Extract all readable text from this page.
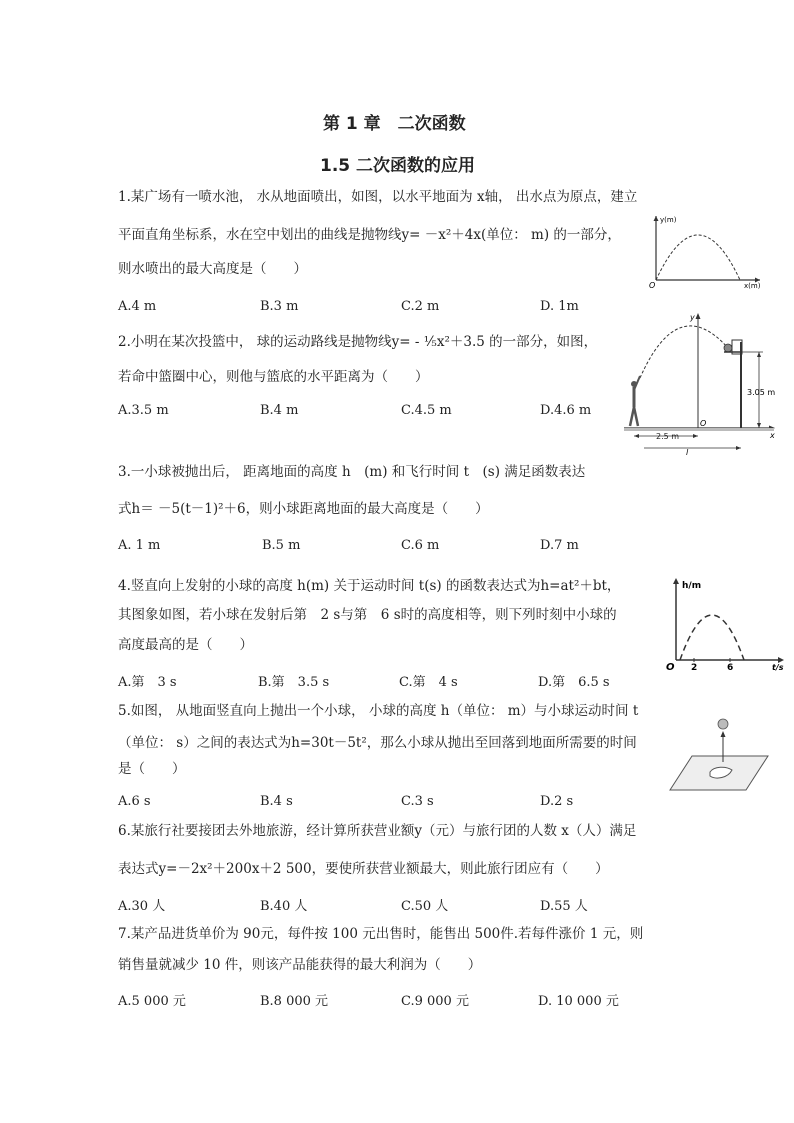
第 1 章　二次函数
1.5 二次函数的应用
1.某广场有一喷水池， 水从地面喷出，如图，以水平地面为 x轴， 出水点为原点，建立
平面直角坐标系，水在空中划出的曲线是抛物线y= －x²＋4x(单位： m) 的一部分，
则水喷出的最大高度是（　　）
A.4 m	B.3 m	C.2 m	D. 1m
y(m)
x(m)
O
2.小明在某次投篮中， 球的运动路线是抛物线y= - ¹⁄₅x²＋3.5 的一部分，如图，
若命中篮圈中心，则他与篮底的水平距离为（　　）
A.3.5 m	B.4 m	C.4.5 m	D.4.6 m
3.05 m
2.5 m
l
O
y
x
3.一小球被抛出后， 距离地面的高度 h　(m) 和飞行时间 t　(s) 满足函数表达
式h＝ －5(t－1)²＋6，则小球距离地面的最大高度是（　　）
A. 1 m	B.5 m	C.6 m	D.7 m
4.竖直向上发射的小球的高度 h(m) 关于运动时间 t(s) 的函数表达式为h=at²＋bt，
其图象如图，若小球在发射后第　2 s与第　6 s时的高度相等，则下列时刻中小球的
高度最高的是（　　）
A.第　3 s	B.第　3.5 s	C.第　4 s	D.第　6.5 s
2	6
O
h/m
t/s
5.如图， 从地面竖直向上抛出一个小球， 小球的高度 h（单位： m）与小球运动时间 t
（单位： s）之间的表达式为h=30t－5t²，那么小球从抛出至回落到地面所需要的时间
是（　　）
A.6 s	B.4 s	C.3 s	D.2 s
6.某旅行社要接团去外地旅游，经计算所获营业额y（元）与旅行团的人数 x（人）满足
表达式y=－2x²＋200x＋2 500，要使所获营业额最大，则此旅行团应有（　　）
A.30 人	B.40 人	C.50 人	D.55 人
7.某产品进货单价为 90元，每件按 100 元出售时，能售出 500件.若每件涨价 1 元，则
销售量就减少 10 件，则该产品能获得的最大利润为（　　）
A.5 000 元	B.8 000 元	C.9 000 元	D. 10 000 元
